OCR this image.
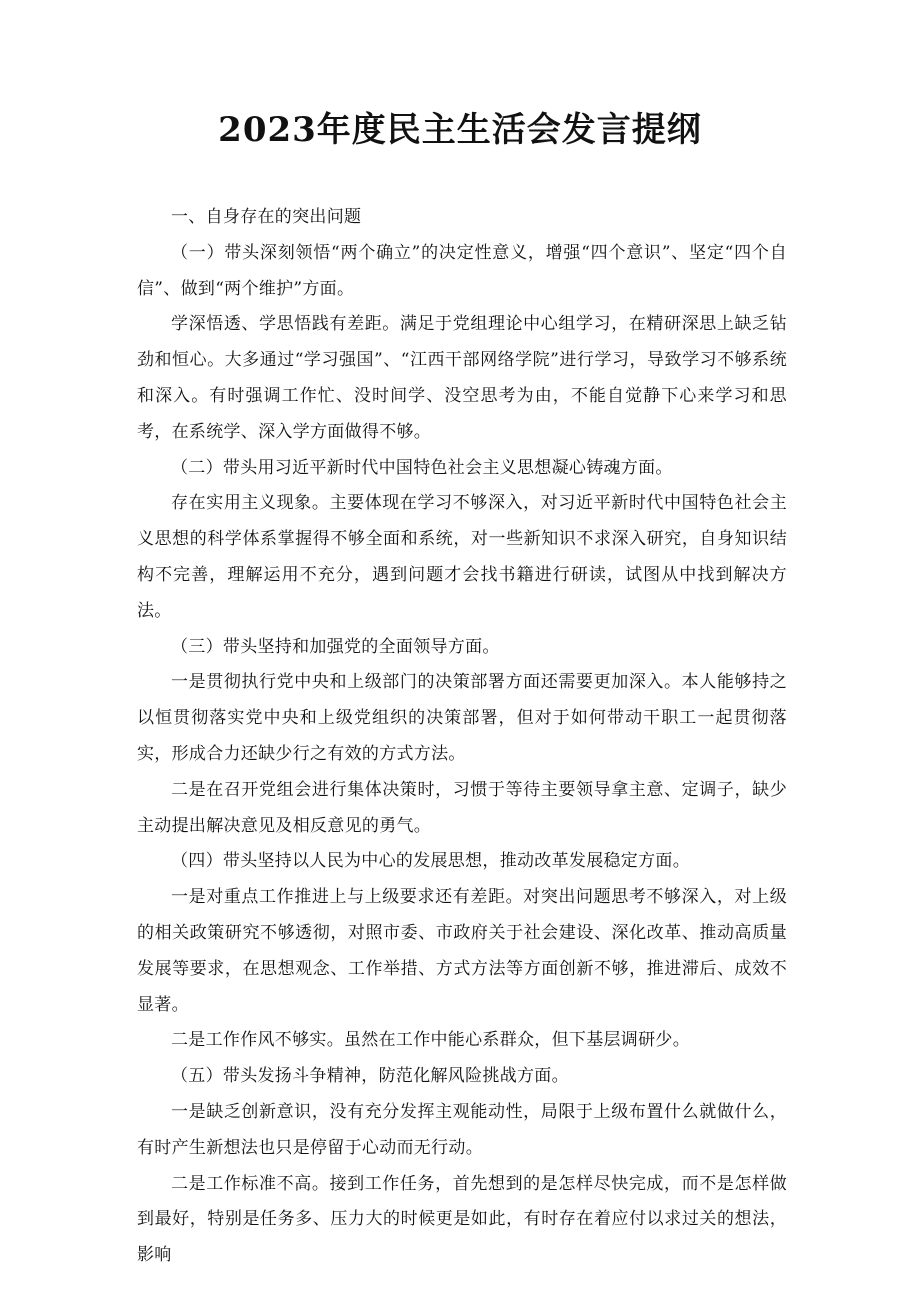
2023年度民主生活会发言提纲

一、自身存在的突出问题

（一）带头深刻领悟“两个确立”的决定性意义，增强“四个意识”、坚定“四个自信”、做到“两个维护”方面。

学深悟透、学思悟践有差距。满足于党组理论中心组学习，在精研深思上缺乏钻劲和恒心。大多通过“学习强国”、“江西干部网络学院”进行学习，导致学习不够系统和深入。有时强调工作忙、没时间学、没空思考为由，不能自觉静下心来学习和思考，在系统学、深入学方面做得不够。

（二）带头用习近平新时代中国特色社会主义思想凝心铸魂方面。

存在实用主义现象。主要体现在学习不够深入，对习近平新时代中国特色社会主义思想的科学体系掌握得不够全面和系统，对一些新知识不求深入研究，自身知识结构不完善，理解运用不充分，遇到问题才会找书籍进行研读，试图从中找到解决方法。

（三）带头坚持和加强党的全面领导方面。

一是贯彻执行党中央和上级部门的决策部署方面还需要更加深入。本人能够持之以恒贯彻落实党中央和上级党组织的决策部署，但对于如何带动干职工一起贯彻落实，形成合力还缺少行之有效的方式方法。

二是在召开党组会进行集体决策时，习惯于等待主要领导拿主意、定调子，缺少主动提出解决意见及相反意见的勇气。

（四）带头坚持以人民为中心的发展思想，推动改革发展稳定方面。

一是对重点工作推进上与上级要求还有差距。对突出问题思考不够深入，对上级的相关政策研究不够透彻，对照市委、市政府关于社会建设、深化改革、推动高质量发展等要求，在思想观念、工作举措、方式方法等方面创新不够，推进滞后、成效不显著。

二是工作作风不够实。虽然在工作中能心系群众，但下基层调研少。

（五）带头发扬斗争精神，防范化解风险挑战方面。

一是缺乏创新意识，没有充分发挥主观能动性，局限于上级布置什么就做什么，有时产生新想法也只是停留于心动而无行动。

二是工作标准不高。接到工作任务，首先想到的是怎样尽快完成，而不是怎样做到最好，特别是任务多、压力大的时候更是如此，有时存在着应付以求过关的想法，影响
